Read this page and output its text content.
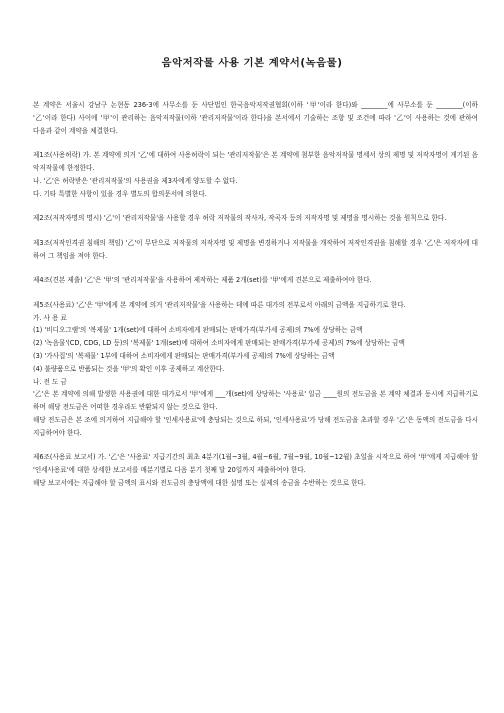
음악저작물 사용 기본 계약서(녹음물)

본 계약은 서울시 강남구 논현동 236-3에 사무소를 둔 사단법인 한국음악저작권협회(이하 '甲'이라 한다)와 ________에 사무소를 둔 ________(이하 '乙'이라 한다) 사이에 '甲'이 관리하는 음악저작물(이하 '관리저작물'이라 한다)을 본서에서 기술하는 조항 및 조건에 따라 '乙'이 사용하는 것에 관하여 다음과 같이 계약을 체결한다.

제1조(사용허락) 가. 본 계약에 의거 '乙'에 대하여 사용허락이 되는 '관리저작물'은 본 계약에 첨부한 음악저작물 명세서 상의 제명 및 저작자명이 게기된 음악저작물에 한정한다.
나. '乙'은 허락받은 '관리저작물'의 사용권을 제3자에게 양도할 수 없다.
다. 기타 특별한 사항이 있을 경우 별도의 합의문서에 의한다.
제2조(저작자명의 명시) '乙'이 '관리저작물'을 사용할 경우 허락 저작물의 작사자, 작곡자 등의 저작자명 및 제명을 명시하는 것을 원칙으로 한다.
제3조(저작인격권 침해의 책임) '乙'이 무단으로 저작물의 저작자명 및 제명을 변경하거나 저작물을 개작하여 저작인격권을 침해할 경우 '乙'은 저작자에 대하여 그 책임을 져야 한다.
제4조(견본 제출) '乙'은 '甲'의 '관리저작물'을 사용하여 제작하는 제품 2개(set)를 '甲'에게 견본으로 제출하여야 한다.
제5조(사용료) '乙'은 '甲'에게 본 계약에 의거 '관리저작물'을 사용하는 데에 따른 대가의 전부로서 아래의 금액을 지급하기로 한다.
가. 사 용 료
(1) '비디오그램'의 '복제물' 1개(set)에 대하여 소비자에게 판매되는 판매가격(부가세 공제)의 7%에 상당하는 금액
(2) '녹음물'(CD, CDG, LD 등)의 '복제물' 1개(set)에 대하여 소비자에게 판매되는 판매가격(부가세 공제)의 7%에 상당하는 금액
(3) '가사집'의 '복제물' 1부에 대하여 소비자에게 판매되는 판매가격(부가세 공제)의 7%에 상당하는 금액
(4) 불량품으로 반품되는 것을 '甲'의 확인 이후 공제하고 계산한다.
나. 전 도 금
'乙'은 본 계약에 의해 발생한 사용권에 대한 대가로서 '甲'에게 ___개(set)에 상당하는 '사용료' 일금 ____원의 전도금을 본 계약 체결과 동시에 지급하기로 하며 해당 전도금은 어떠한 경우라도 반환되지 않는 것으로 한다.
해당 전도금은 본 조에 의거하여 지급해야 할 '인세사용료'에 충당되는 것으로 하되, '인세사용료'가 당해 전도금을 초과할 경우 '乙'은 동액의 전도금을 다시 지급하여야 한다.
제6조(사용료 보고서) 가. '乙'은 '사용료' 지급기간의 최초 4분기(1월~3월, 4월~6월, 7월~9월, 10월~12월) 초일을 시작으로 하여 '甲'에게 지급해야 할 '인세사용료'에 대한 상세한 보고서를 매분기별로 다음 분기 첫째 달 20일까지 제출하여야 한다.
해당 보고서에는 지급해야 할 금액의 표시와 전도금의 충당액에 대한 설명 또는 실제의 송금을 수반하는 것으로 한다.
